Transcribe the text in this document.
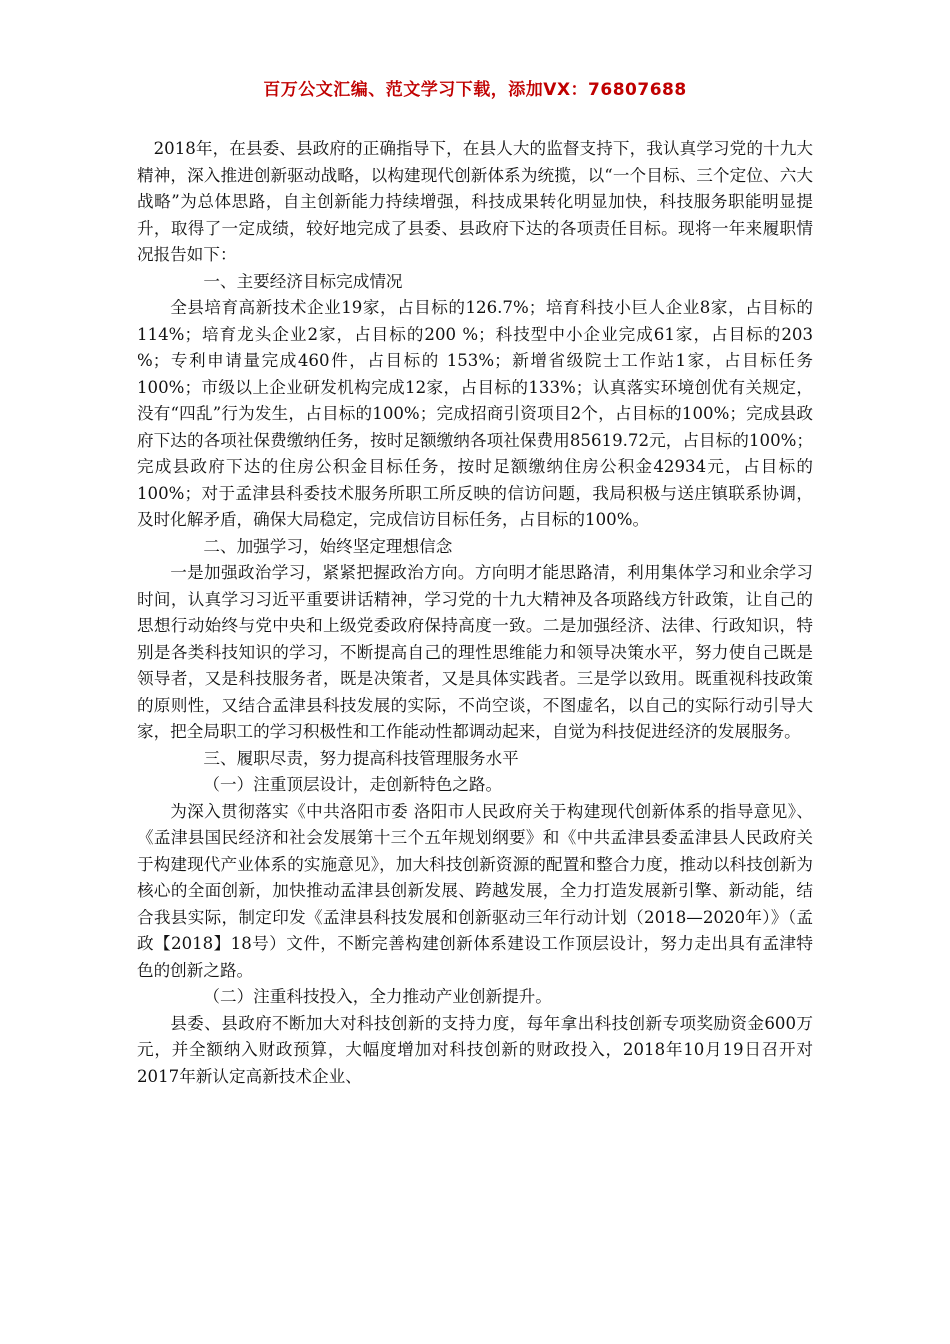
百万公文汇编、范文学习下载，添加VX：76807688

2018年，在县委、县政府的正确指导下，在县人大的监督支持下，我认真学习党的十九大精神，深入推进创新驱动战略，以构建现代创新体系为统揽，以“一个目标、三个定位、六大战略”为总体思路，自主创新能力持续增强，科技成果转化明显加快，科技服务职能明显提升，取得了一定成绩，较好地完成了县委、县政府下达的各项责任目标。现将一年来履职情况报告如下：

一、主要经济目标完成情况

全县培育高新技术企业19家，占目标的126.7%；培育科技小巨人企业8家，占目标的114%；培育龙头企业2家，占目标的200 %；科技型中小企业完成61家，占目标的203 %；专利申请量完成460件，占目标的 153%；新增省级院士工作站1家，占目标任务100%；市级以上企业研发机构完成12家，占目标的133%；认真落实环境创优有关规定，没有“四乱”行为发生，占目标的100%；完成招商引资项目2个，占目标的100%；完成县政府下达的各项社保费缴纳任务，按时足额缴纳各项社保费用85619.72元，占目标的100%；完成县政府下达的住房公积金目标任务，按时足额缴纳住房公积金42934元，占目标的100%；对于孟津县科委技术服务所职工所反映的信访问题，我局积极与送庄镇联系协调，及时化解矛盾，确保大局稳定，完成信访目标任务，占目标的100%。

二、加强学习，始终坚定理想信念

一是加强政治学习，紧紧把握政治方向。方向明才能思路清，利用集体学习和业余学习时间，认真学习习近平重要讲话精神，学习党的十九大精神及各项路线方针政策，让自己的思想行动始终与党中央和上级党委政府保持高度一致。二是加强经济、法律、行政知识，特别是各类科技知识的学习，不断提高自己的理性思维能力和领导决策水平，努力使自己既是领导者，又是科技服务者，既是决策者，又是具体实践者。三是学以致用。既重视科技政策的原则性，又结合孟津县科技发展的实际，不尚空谈，不图虚名，以自己的实际行动引导大家，把全局职工的学习积极性和工作能动性都调动起来，自觉为科技促进经济的发展服务。

三、履职尽责，努力提高科技管理服务水平

（一）注重顶层设计，走创新特色之路。

为深入贯彻落实《中共洛阳市委 洛阳市人民政府关于构建现代创新体系的指导意见》、《孟津县国民经济和社会发展第十三个五年规划纲要》和《中共孟津县委孟津县人民政府关于构建现代产业体系的实施意见》，加大科技创新资源的配置和整合力度，推动以科技创新为核心的全面创新，加快推动孟津县创新发展、跨越发展，全力打造发展新引擎、新动能，结合我县实际，制定印发《孟津县科技发展和创新驱动三年行动计划（2018—2020年）》（孟政【2018】18号）文件，不断完善构建创新体系建设工作顶层设计，努力走出具有孟津特色的创新之路。

（二）注重科技投入，全力推动产业创新提升。

县委、县政府不断加大对科技创新的支持力度，每年拿出科技创新专项奖励资金600万元，并全额纳入财政预算，大幅度增加对科技创新的财政投入，2018年10月19日召开对2017年新认定高新技术企业、
